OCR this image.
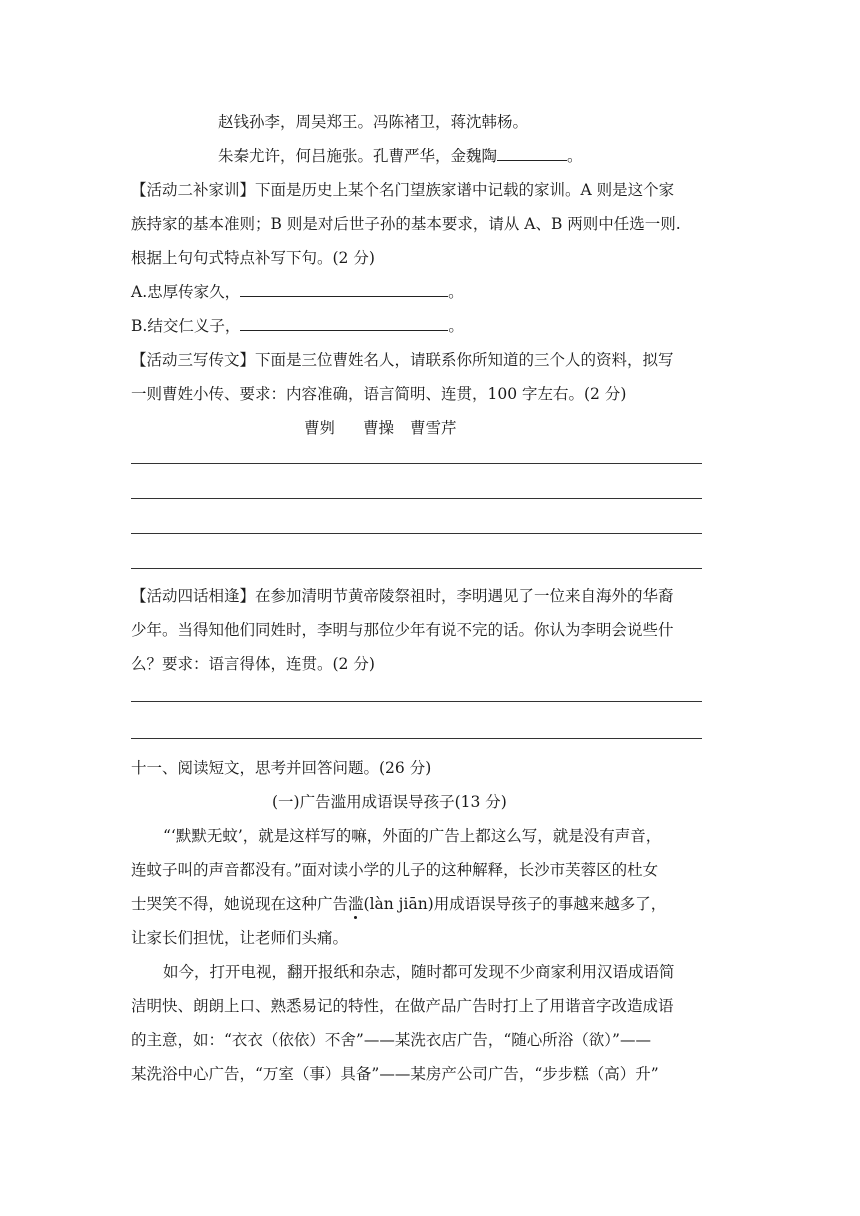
赵钱孙李，周吴郑王。冯陈褚卫，蒋沈韩杨。
朱秦尤许，何吕施张。孔曹严华，金魏陶	。
【活动二补家训】下面是历史上某个名门望族家谱中记载的家训。A 则是这个家
族持家的基本准则；B 则是对后世子孙的基本要求，请从 A、B 两则中任选一则.
根据上句句式特点补写下句。(2 分)
A.忠厚传家久，	。
B.结交仁义子，	。
【活动三写传文】下面是三位曹姓名人，请联系你所知道的三个人的资料，拟写
一则曹姓小传、要求：内容准确，语言简明、连贯，100 字左右。(2 分)
曹刿 曹操 曹雪芹
【活动四话相逢】在参加清明节黄帝陵祭祖时，李明遇见了一位来自海外的华裔
少年。当得知他们同姓时，李明与那位少年有说不完的话。你认为李明会说些什
么？要求：语言得体，连贯。(2 分)
十一、阅读短文，思考并回答问题。(26 分)
(一)广告滥用成语误导孩子(13 分)
“‘默默无蚊’，就是这样写的嘛，外面的广告上都这么写，就是没有声音，
连蚊子叫的声音都没有。”面对读小学的儿子的这种解释，长沙市芙蓉区的杜女
士哭笑不得，她说现在这种广告滥(làn jiān)用成语误导孩子的事越来越多了，
让家长们担忧，让老师们头痛。
如今，打开电视，翻开报纸和杂志，随时都可发现不少商家利用汉语成语简
洁明快、朗朗上口、熟悉易记的特性，在做产品广告时打上了用谐音字改造成语
的主意，如：“衣衣（依依）不舍”——某洗衣店广告，“随心所浴（欲）”——
某洗浴中心广告，“万室（事）具备”——某房产公司广告，“步步糕（高）升”
